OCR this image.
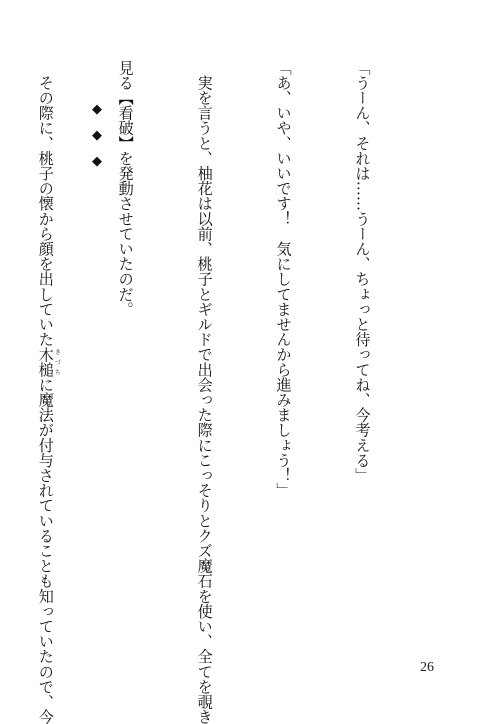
「うーん、それは……うーん、ちょっと待ってね、今考える」

「あ、いや、いいです！　気にしてませんから進みましょう！」

　実を言うと、柚花は以前、桃子とギルドで出会った際にこっそりとクズ魔石を使い、全てを覗き

見る【看破】を発動させていたのだ。

　その際に、桃子の懐から顔を出していた木槌きづちに魔法が付与されていることも知っていたので、今

◆
◆
◆
26
